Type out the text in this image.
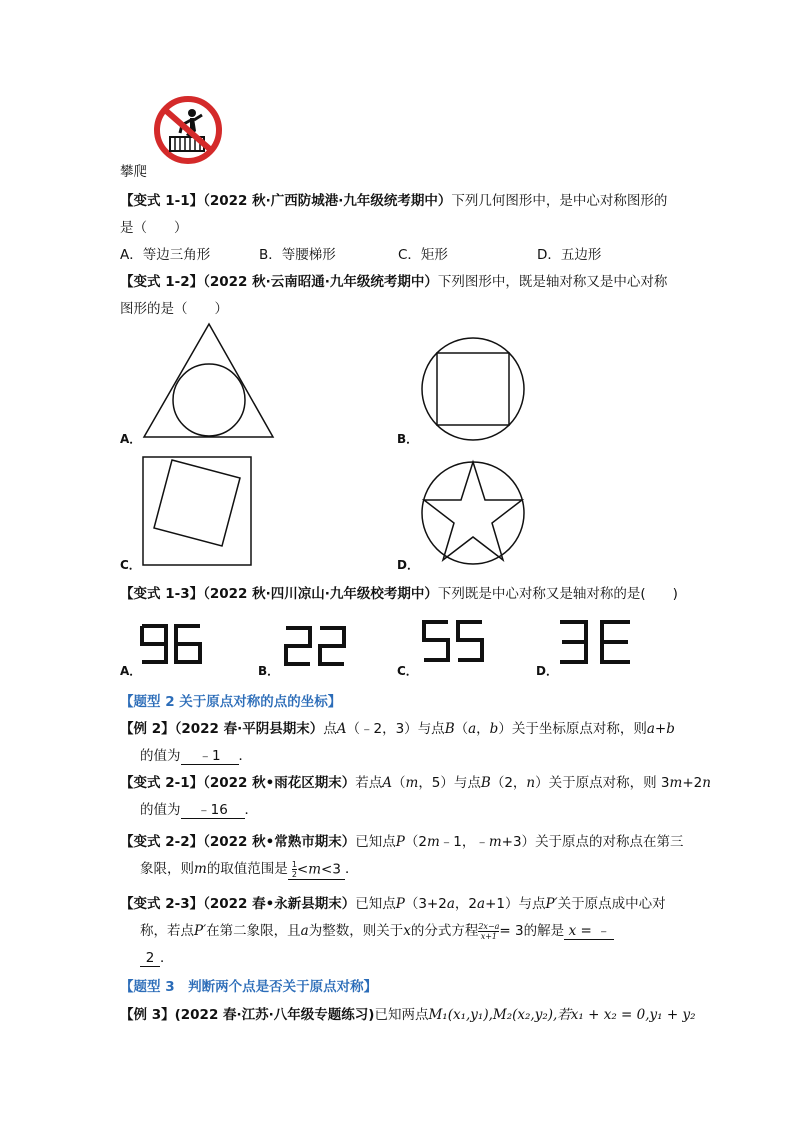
攀爬
【变式 1-1】（2022 秋·广西防城港·九年级统考期中）下列几何图形中，是中心对称图形的
是（　　）
A．等边三角形	B．等腰梯形	C．矩形	D．五边形
【变式 1-2】（2022 秋·云南昭通·九年级统考期中）下列图形中，既是轴对称又是中心对称
图形的是（　　）
A．	B．
C．	D．
【变式 1-3】（2022 秋·四川凉山·九年级校考期中）下列既是中心对称又是轴对称的是(　　)
A．	B．	C．	D．
【题型 2 关于原点对称的点的坐标】
【例 2】（2022 春·平阴县期末）点A（﹣2，3）与点B（a，b）关于坐标原点对称，则a+b
的值为 ﹣1 ．
【变式 2-1】（2022 秋•雨花区期末）若点A（m，5）与点B（2，n）关于原点对称，则 3m+2n
的值为 ﹣16 ．
【变式 2-2】（2022 秋•常熟市期末）已知点P（2m﹣1，﹣m+3）关于原点的对称点在第三
象限，则m的取值范围是 $\frac{1}{2} <m<3$ ．
【变式 2-3】（2022 春•永新县期末）已知点P（3+2a，2a+1）与点P′关于原点成中心对
称，若点P′在第二象限，且a为整数，则关于x的分式方程 $\frac{2x-a}{x+1} = 3$的解是 x = ﹣
2 ．
【题型 3　判断两个点是否关于原点对称】
【例 3】(2022 春·江苏·八年级专题练习)已知两点M₁(x₁,y₁),M₂(x₂,y₂),若x₁ + x₂ = 0,y₁ + y₂
